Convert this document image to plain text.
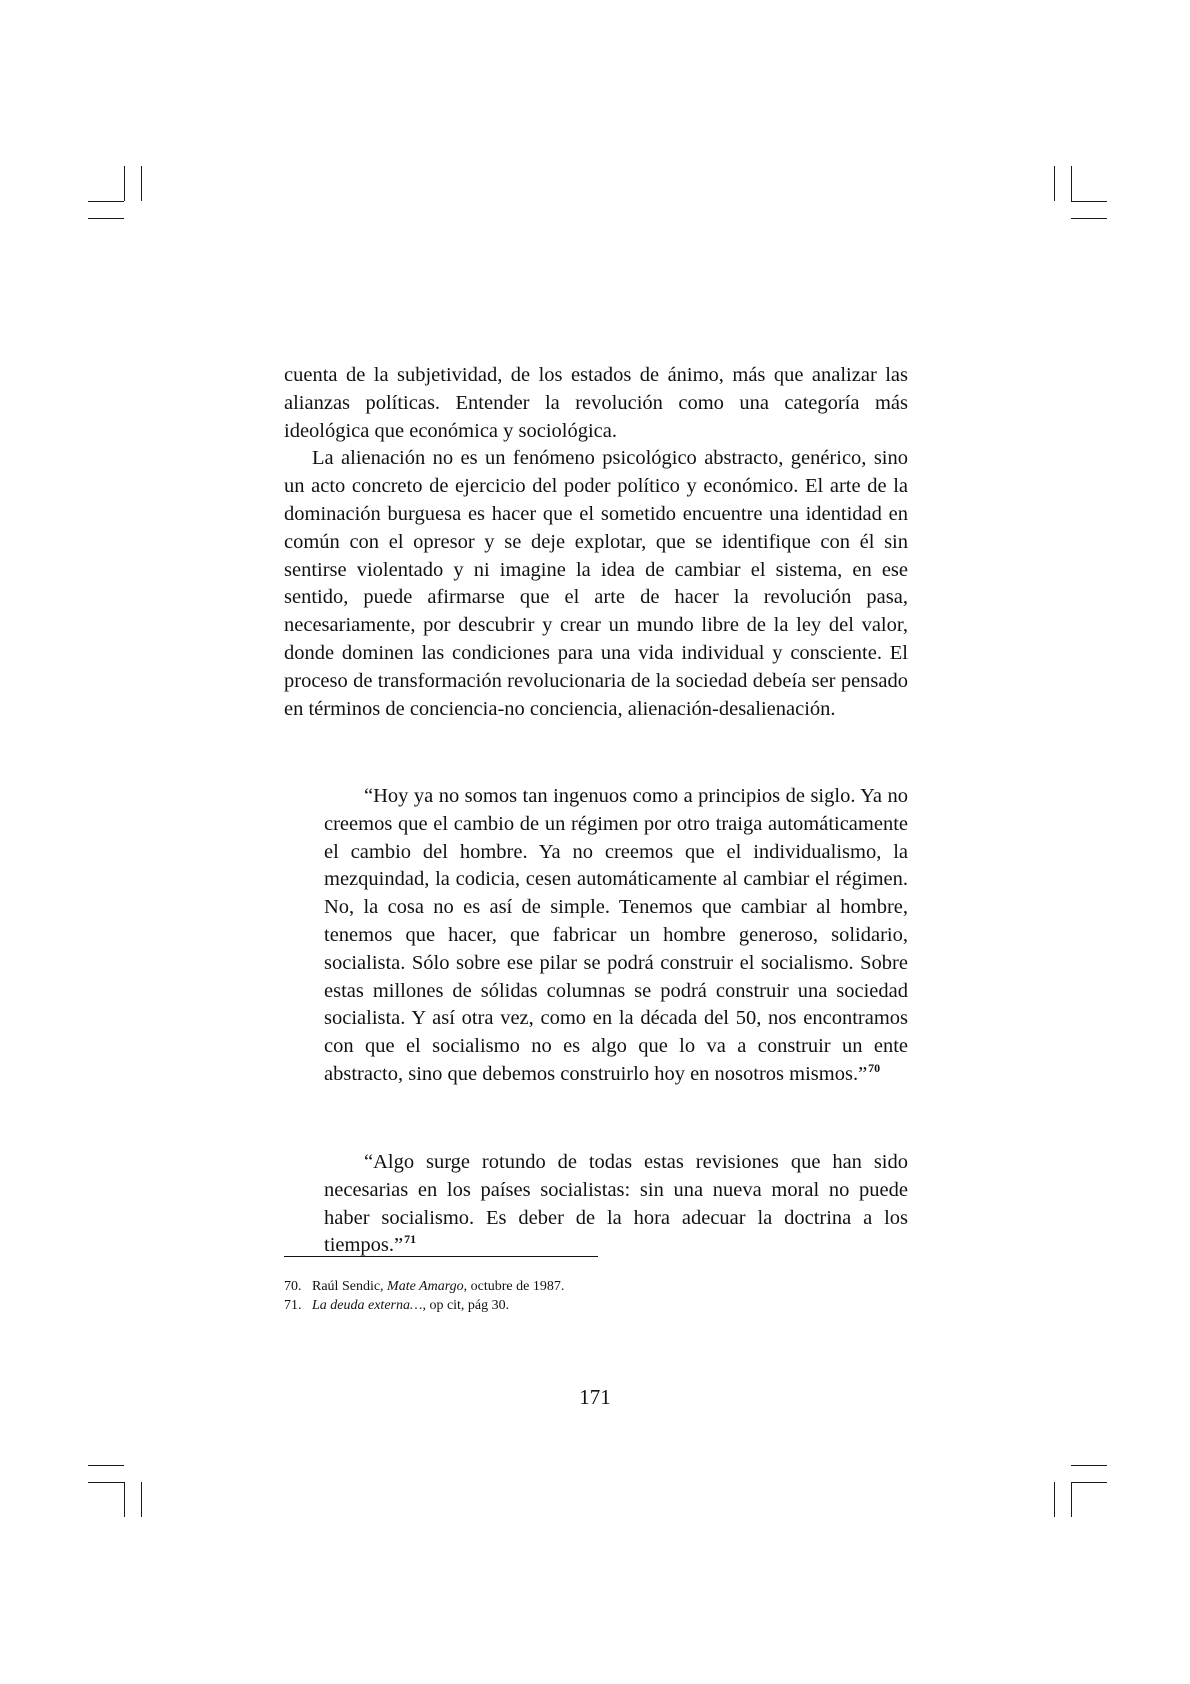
cuenta de la subjetividad, de los estados de ánimo, más que analizar las alianzas políticas. Entender la revolución como una categoría más ideológica que económica y sociológica.

La alienación no es un fenómeno psicológico abstracto, genérico, sino un acto concreto de ejercicio del poder político y económico. El arte de la dominación burguesa es hacer que el sometido encuentre una identidad en común con el opresor y se deje explotar, que se identifique con él sin sentirse violentado y ni imagine la idea de cambiar el sistema, en ese sentido, puede afirmarse que el arte de hacer la revolución pasa, necesariamente, por descubrir y crear un mundo libre de la ley del valor, donde dominen las condiciones para una vida individual y consciente. El proceso de transformación revolucionaria de la sociedad debeía ser pensado en términos de conciencia-no conciencia, alienación-desalienación.

“Hoy ya no somos tan ingenuos como a principios de siglo. Ya no creemos que el cambio de un régimen por otro traiga automáticamente el cambio del hombre. Ya no creemos que el individualismo, la mezquindad, la codicia, cesen automáticamente al cambiar el régimen. No, la cosa no es así de simple. Tenemos que cambiar al hombre, tenemos que hacer, que fabricar un hombre generoso, solidario, socialista. Sólo sobre ese pilar se podrá construir el socialismo. Sobre estas millones de sólidas columnas se podrá construir una sociedad socialista. Y así otra vez, como en la década del 50, nos encontramos con que el socialismo no es algo que lo va a construir un ente abstracto, sino que debemos construirlo hoy en nosotros mismos.”$^{70}$

“Algo surge rotundo de todas estas revisiones que han sido necesarias en los países socialistas: sin una nueva moral no puede haber socialismo. Es deber de la hora adecuar la doctrina a los tiempos.”$^{71}$

70. Raúl Sendic, Mate Amargo, octubre de 1987.

71. La deuda externa…, op cit, pág 30.

171
